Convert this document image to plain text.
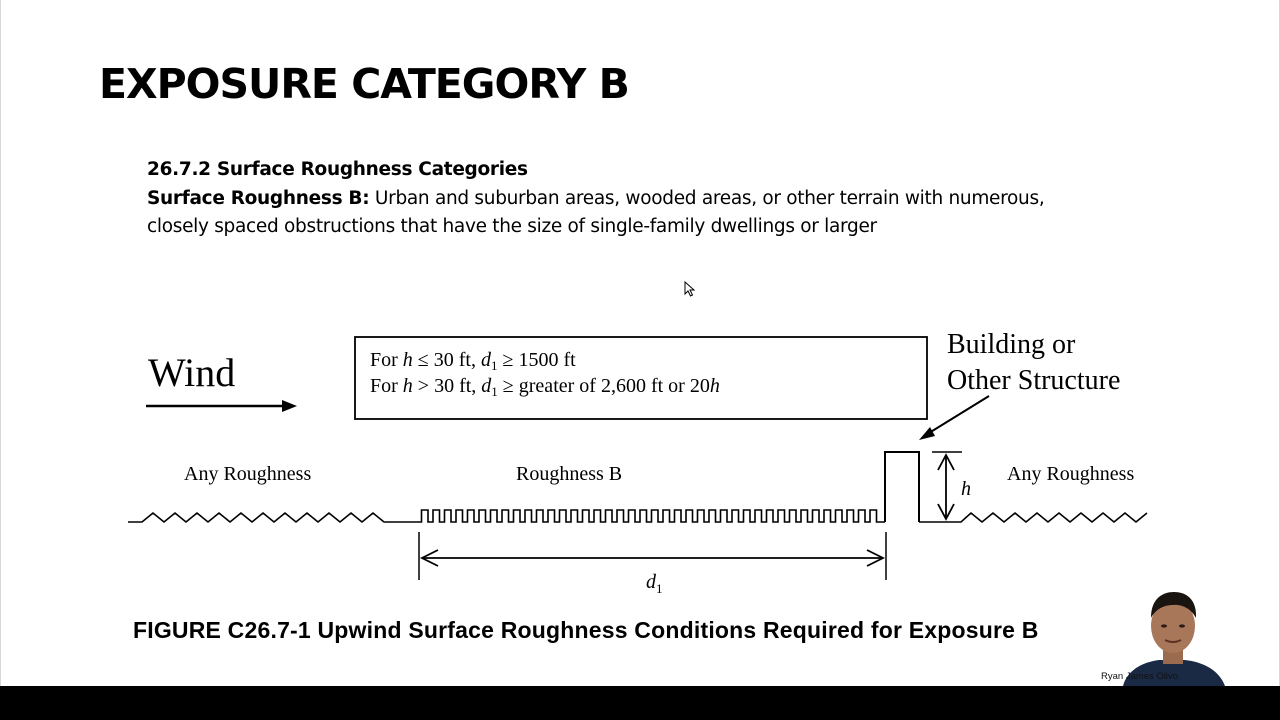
EXPOSURE CATEGORY B
26.7.2 Surface Roughness Categories
Surface Roughness B: Urban and suburban areas, wooded areas, or other terrain with numerous,
closely spaced obstructions that have the size of single-family dwellings or larger
Wind	For h ≤ 30 ft, $d_1 \ge 1500$ ft
For h > 30 ft, $d_1$ ≥ greater of 2,600 ft or 20h
Building or
Other Structure
Any Roughness	Roughness B	Any Roughness
h
$d_1$
FIGURE C26.7-1 Upwind Surface Roughness Conditions Required for Exposure B
Ryan James Olivo
